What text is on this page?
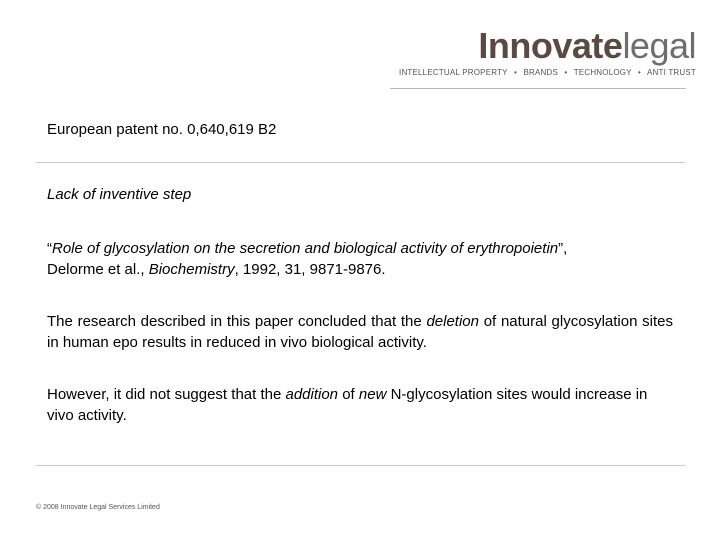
Innovatelegal
INTELLECTUAL PROPERTY • BRANDS • TECHNOLOGY • ANTI TRUST
European patent no. 0,640,619 B2
Lack of inventive step
“Role of glycosylation on the secretion and biological activity of erythropoietin”,
Delorme et al., Biochemistry, 1992, 31, 9871-9876.
The research described in this paper concluded that the deletion of natural glycosylation sites in human epo results in reduced in vivo biological activity.
However, it did not suggest that the addition of new N-glycosylation sites would increase in vivo activity.
© 2008 Innovate Legal Services Limited
